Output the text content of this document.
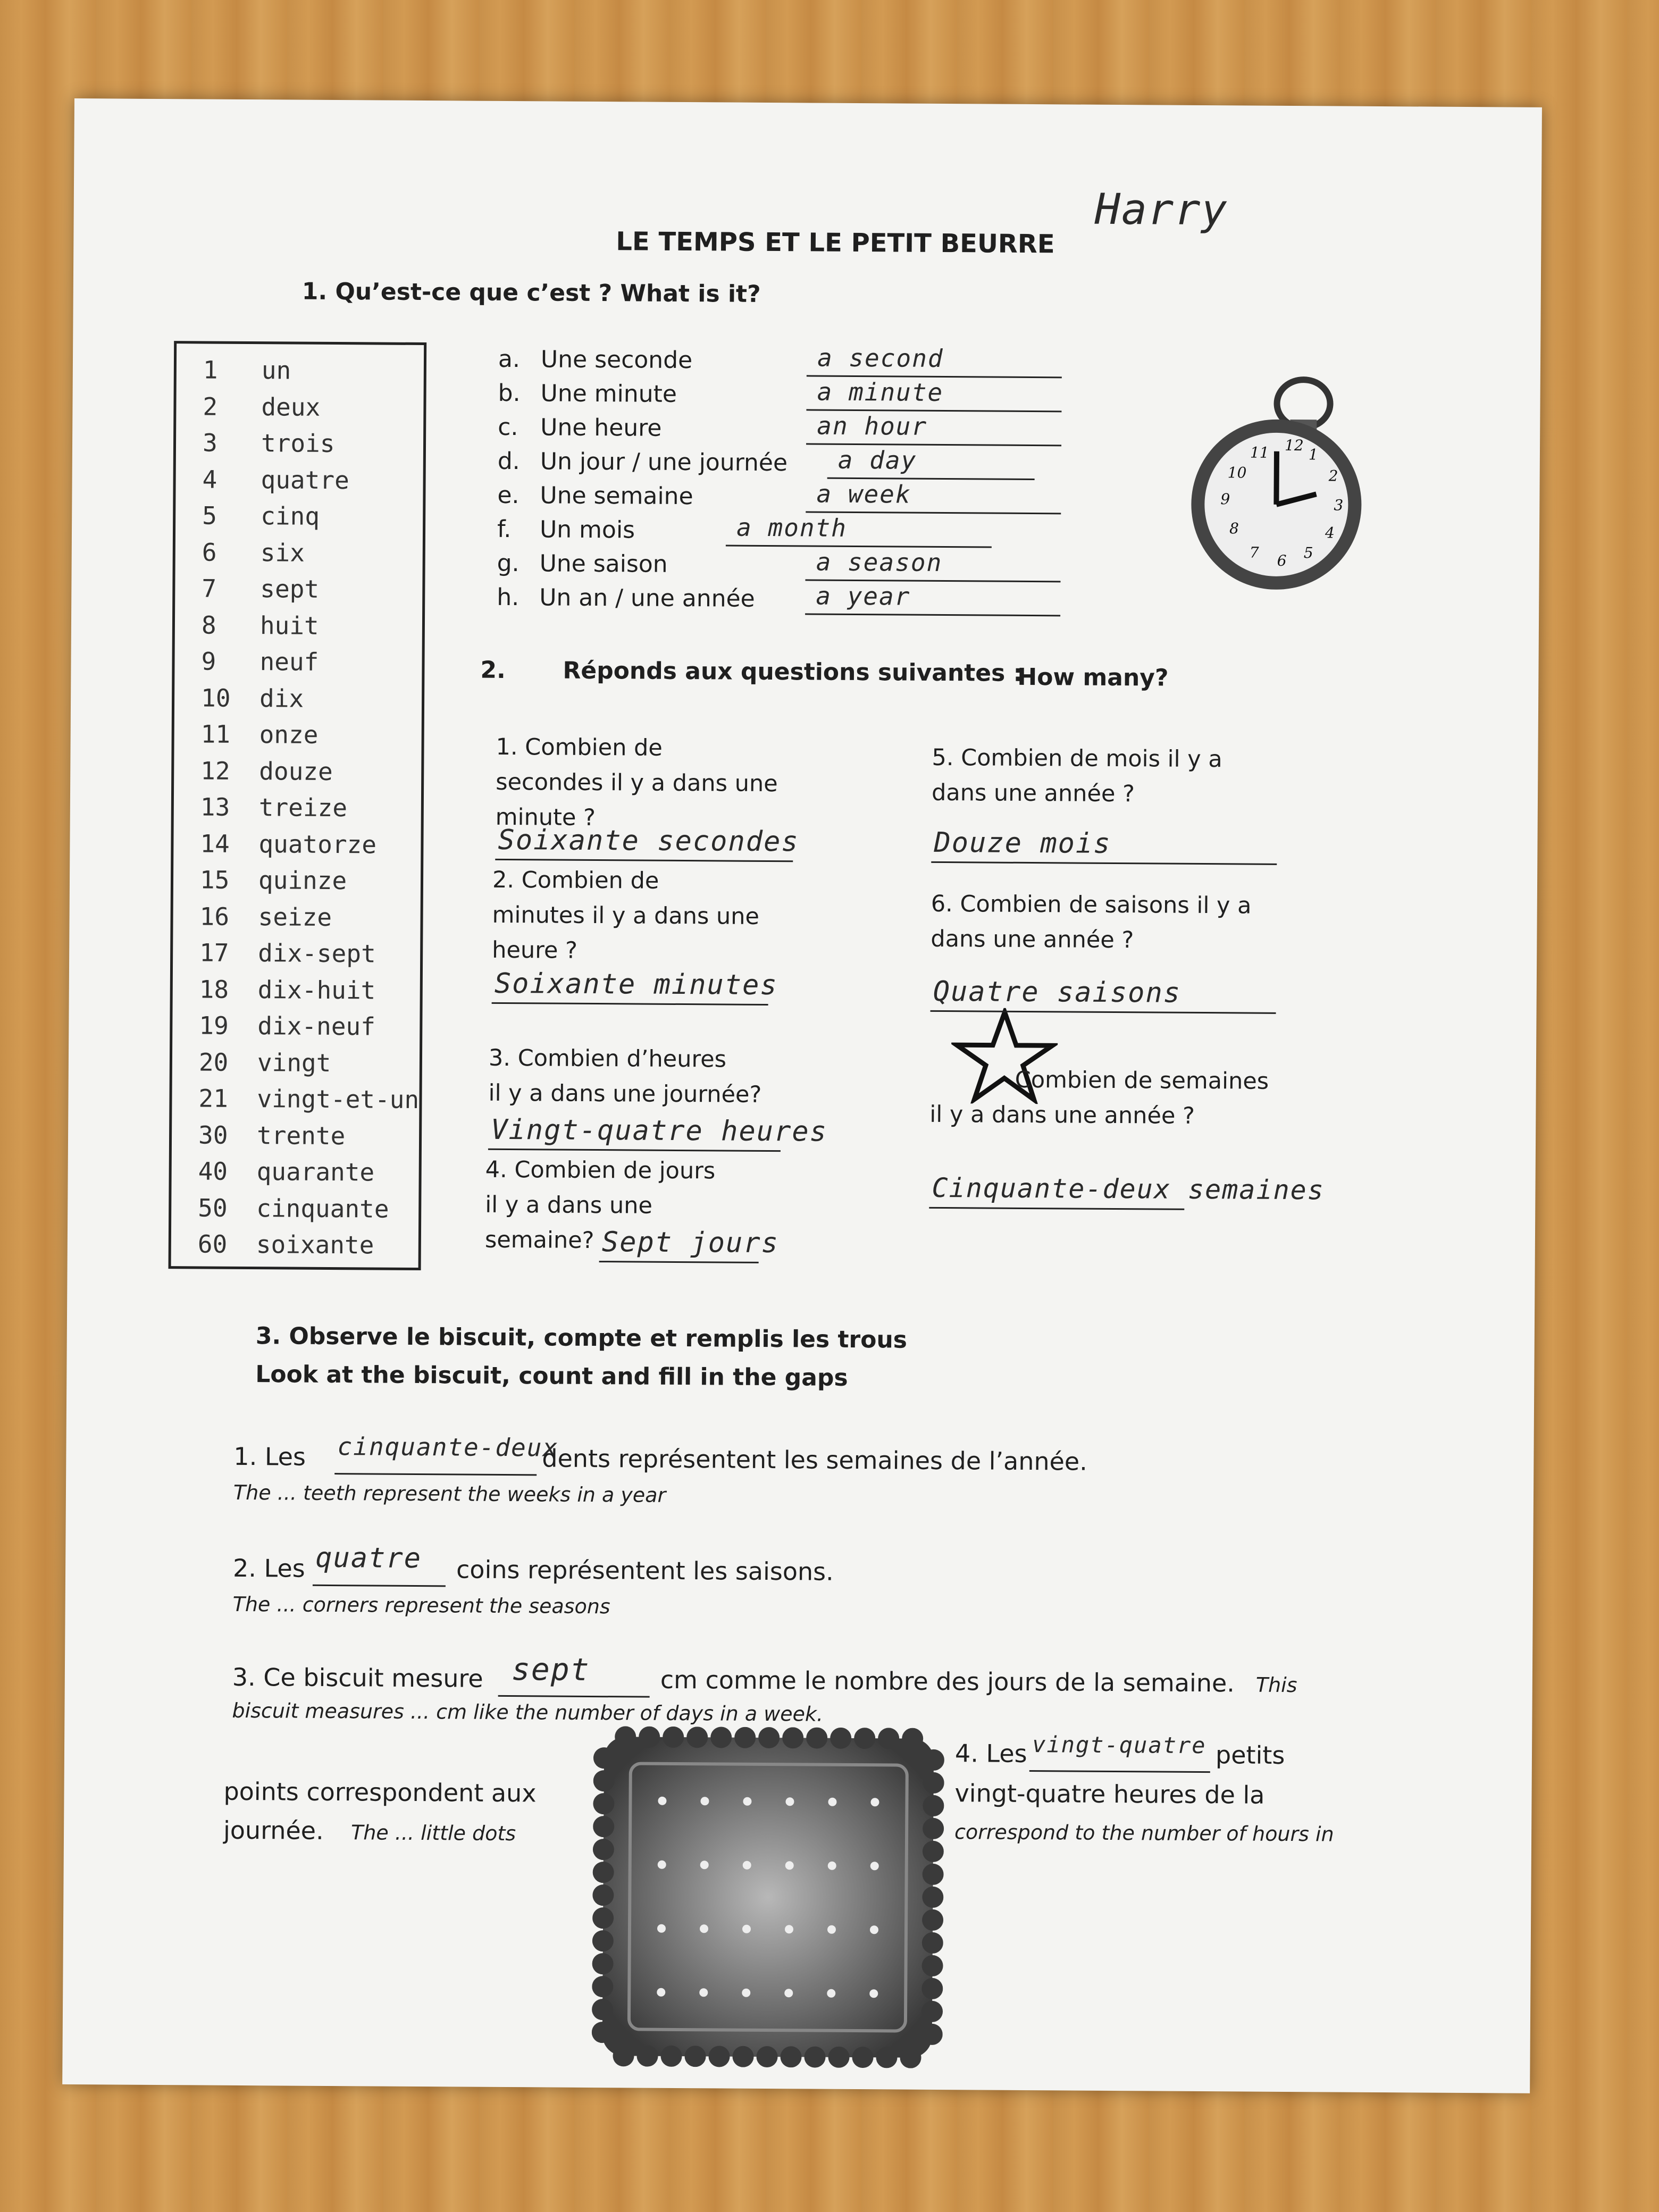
Harry
LE TEMPS ET LE PETIT BEURRE
1. Qu’est-ce que c’est ? What is it?
1 un
2 deux
3 trois
4 quatre
5 cinq
6 six
7 sept
8 huit
9 neuf
10 dix
11 onze
12 douze
13 treize
14 quatorze
15 quinze
16 seize
17 dix-sept
18 dix-huit
19 dix-neuf
20 vingt
21 vingt-et-un
30 trente
40 quarante
50 cinquante
60 soixante
12
1
2
3
4
5
6
7
8
9
10
11
2. Réponds aux questions suivantes :
How many?
3. Observe le biscuit, compte et remplis les trous
Look at the biscuit, count and fill in the gaps
1. Les cinquante-deux
dents représentent les semaines de l’année.
The ... teeth represent the weeks in a year
2. Les quatre coins représentent les saisons.
The ... corners represent the seasons
3. Ce biscuit mesure sept	cm comme le nombre des jours de la semaine. This
biscuit measures ... cm like the number of days in a week.
4. Les vingt-quatre petits
vingt-quatre heures de la
correspond to the number of hours in
points correspondent aux
journée. The ... little dots
a. Une seconde	a second
b. Une minute	a minute
c. Une heure	an hour
d. Un jour / une journée a day
e. Une semaine	a week
f. Un mois	a month
g. Une saison	a season
h. Un an / une année a year
1. Combien de
secondes il y a dans une
minute ?
Soixante secondes
2. Combien de
minutes il y a dans une
heure ?
Soixante minutes
3. Combien d’heures
il y a dans une journée?
Vingt-quatre heures
4. Combien de jours
il y a dans une
semaine? Sept jours
5. Combien de mois il y a
dans une année ?
Douze mois
6. Combien de saisons il y a
dans une année ?
Quatre saisons
Combien de semaines
il y a dans une année ?
Cinquante-deux semaines
